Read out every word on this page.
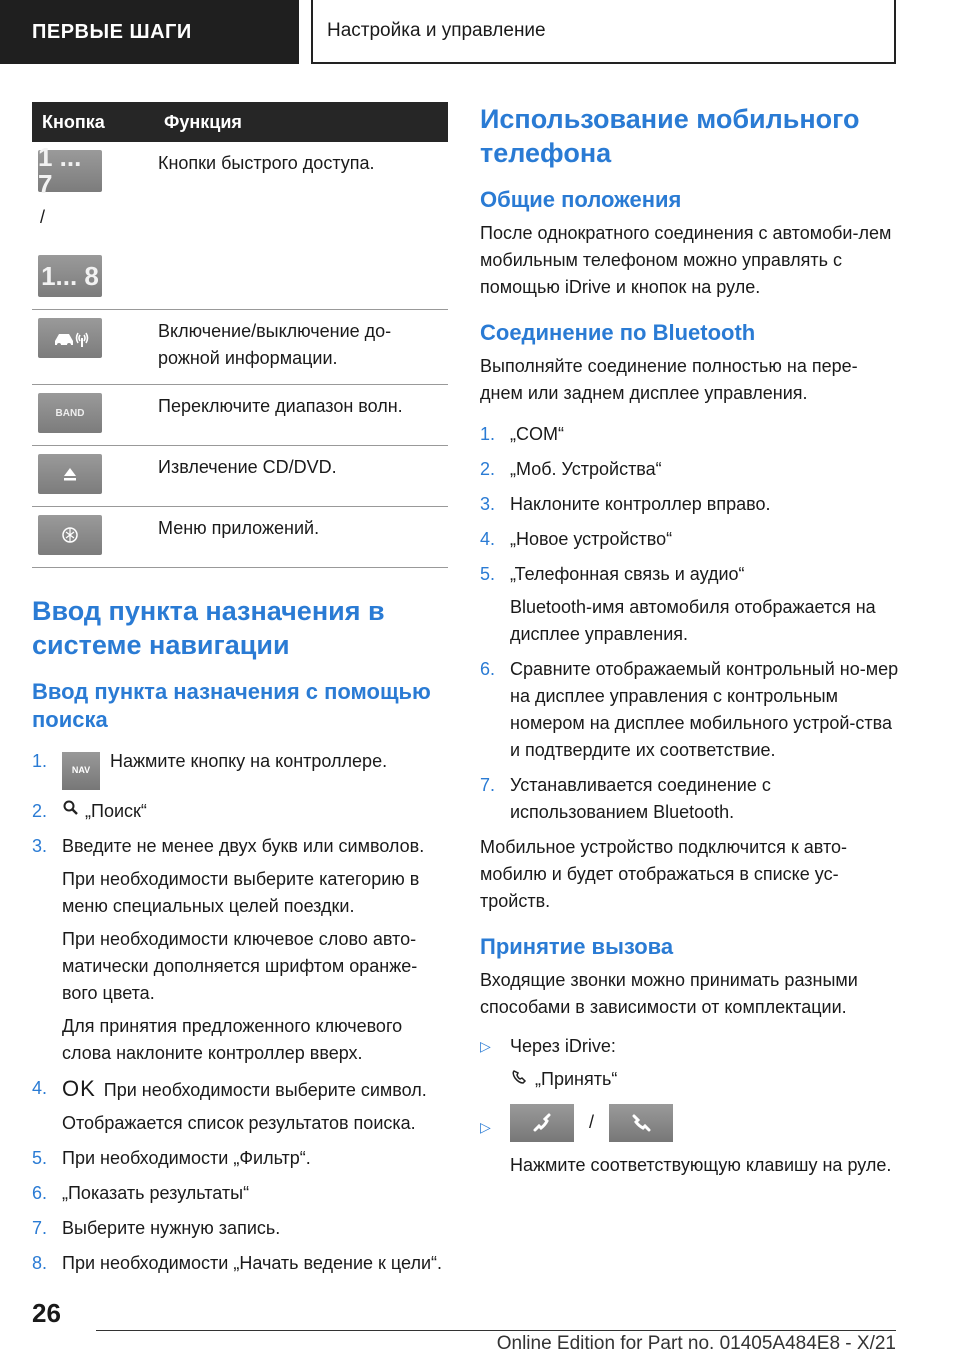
ПЕРВЫЕ ШАГИ	Настройка и управление
Кнопка	Функция

1 ... 7
/
1... 8	Кнопки быстрого доступа.

	Включение/выключение до-рожной информации.

BAND	Переключите диапазон волн.

	Извлечение CD/DVD.

	Меню приложений.
Ввод пункта назначения в системе навигации
Ввод пункта назначения с помощью поиска
1.	NAV Нажмите кнопку на контроллере.
2. „Поиск“
3. Введите не менее двух букв или символов.

При необходимости выберите категорию в меню специальных целей поездки.

При необходимости ключевое слово авто-матически дополняется шрифтом оранже-вого цвета.

Для принятия предложенного ключевого слова наклоните контроллер вверх.

4. OK При необходимости выберите символ.

Отображается список результатов поиска.

5. При необходимости „Фильтр“.
6. „Показать результаты“
7. Выберите нужную запись.
8. При необходимости „Начать ведение к цели“.
Использование мобильного телефона
Общие положения

После однократного соединения с автомоби-лем мобильным телефоном можно управлять с помощью iDrive и кнопок на руле.

Соединение по Bluetooth

Выполняйте соединение полностью на пере-днем или заднем дисплее управления.

1. „COM“
2. „Моб. Устройства“
3. Наклоните контроллер вправо.
4. „Новое устройство“
5. „Телефонная связь и аудио“

Bluetooth-имя автомобиля отображается на дисплее управления.

6. Сравните отображаемый контрольный но-мер на дисплее управления с контрольным номером на дисплее мобильного устрой-ства и подтвердите их соответствие.
7. Устанавливается соединение с использованием Bluetooth.

Мобильное устройство подключится к авто-мобилю и будет отображаться в списке ус-тройств.

Принятие вызова

Входящие звонки можно принимать разными способами в зависимости от комплектации.

▷ Через iDrive:
„Принять“
▷	/

Нажмите соответствующую клавишу на руле.

26
Online Edition for Part no. 01405A484E8 - X/21
